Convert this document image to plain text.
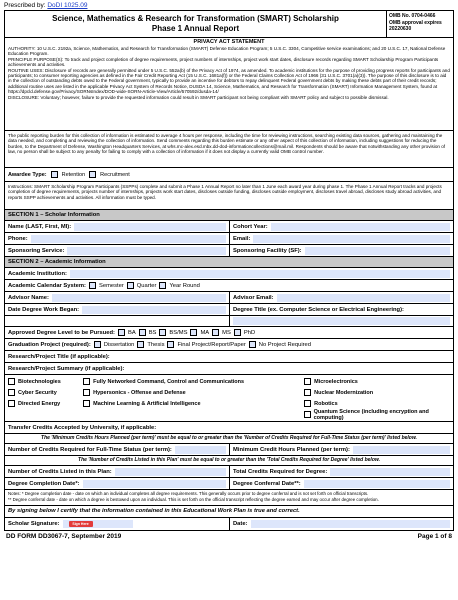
Prescribed by: DoDI 1025.09
Science, Mathematics & Research for Transformation (SMART) Scholarship
Phase 1 Annual Report
OMB No. 0704-0466
OMB approval expires
20220630
PRIVACY ACT STATEMENT
AUTHORITY: 10 U.S.C. 2192a, Science, Mathematics, and Research for Transformation (SMART) Defense Education Program; 5 U.S.C. 3304, Competitive service examinations; and 20 U.S.C. 17, National Defense Education Program.
PRINCIPLE PURPOSE(S): To track and project completion of degree requirements, project numbers of internships, project work start dates, disclosure records regarding SMART Scholarship Program Participants achievements and activities.
ROUTINE USES: Disclosure of records are generally permitted under 5 U.S.C. 552a(b) of the Privacy Act of 1974, as amended. To academic institutions for the purpose of providing progress reports for participants and participants; to consumer reporting agencies as defined in the Fair Credit Reporting Act (15 U.S.C. 1681a(f)) or the Federal Claims Collection Act of 1966 (31 U.S.C. 3701(a)(3)). The purpose of this disclosure is to aid in the collection of outstanding debts owed to the Federal government, typically to provide an incentive for debtors to repay delinquent Federal government debts by making these debts part of their credit records; additional routine uses are listed in the applicable Privacy Act System of Records Notice, DUSDA 14, Science, Mathematics, and Research for Transformation (SMART) Information Management System, found at https://dpcld.defense.gov/Privacy/SORNsIndex/DOD-wide-SORN-Article-View/Article/570592/dusda-14/
DISCLOSURE: Voluntary; however, failure to provide the requested information could result in SMART participant not being compliant with SMART policy and subject to possible dismissal.
The public reporting burden for this collection of information is estimated to average 4 hours per response, including the time for reviewing instructions, searching existing data sources, gathering and maintaining the data needed, and completing and reviewing the collection of information. Send comments regarding this burden estimate or any other aspect of this collection of information, including suggestions for reducing the burden, to the Department of Defense, Washington Headquarters Services, at whs.mc-alex.esd.mbx.dd-dod-informationcollections@mail.mil. Respondents should be aware that notwithstanding any other provision of law, no person shall be subject to any penalty for failing to comply with a collection of information if it does not display a currently valid OMB control number.
Awardee Type:	Retention	Recruitment
Instructions: SMART Scholarship Program Participants (SSPPs) complete and submit a Phase 1 Annual Report no later than 1 June each award year during phase 1. The Phase 1 Annual Report tracks and projects completion of degree requirements, projects number of internships, projects work start dates, discloses outside funding, discloses outside employment, discloses travel abroad, discloses study abroad activities, and reports SSPP achievements and activities. All information must be typed.
SECTION 1 – Scholar Information
Name (LAST, First, MI):	Cohort Year:
Phone:	Email:
Sponsoring Service:	Sponsoring Facility (SF):
SECTION 2 – Academic Information
Academic Institution:
Academic Calendar System: Semester Quarter Year Round
Advisor Name:	Advisor Email:
Date Degree Work Began:	Degree Title (ex. Computer Science or Electrical Engineering):
Approved Degree Level to be Pursued: BA BS BS/MS MA MS PhD
Graduation Project (required): Dissertation Thesis Final Project/Report/Paper No Project Required
Research/Project Title (if applicable):
Research/Project Summary (if applicable):
Biotechnologies	Fully Networked Command, Control and Communications	Microelectronics
Cyber Security	Hypersonics - Offense and Defense	Nuclear Modernization
Directed Energy	Machine Learning & Artificial Intelligence	Robotics
Quantum Science (including encryption and computing)
Transfer Credits Accepted by University, if applicable:
The 'Minimum Credits Hours Planned (per term)' must be equal to or greater than the 'Number of Credits Required for Full-Time Status (per term)' listed below.
Number of Credits Required for Full-Time Status (per term):	Minimum Credit Hours Planned (per term):
The 'Number of Credits Listed in this Plan' must be equal to or greater than the 'Total Credits Required for Degree' listed below.
Number of Credits Listed in this Plan:	Total Credits Required for Degree:
Degree Completion Date*:	Degree Conferral Date**:
Notes: * Degree completion date - date on which an individual completes all degree requirements. This generally occurs prior to degree conferral and is not set forth on official transcripts.
** Degree conferral date - date on which a degree is bestowed upon an individual. This is set forth on the official transcript reflecting the degree earned and may occur after degree completion.
By signing below I certify that the information contained in this Educational Work Plan is true and correct.
Scholar Signature:	Sign Here	Date:
DD FORM DD3067-7, September 2019	Page 1 of 8
